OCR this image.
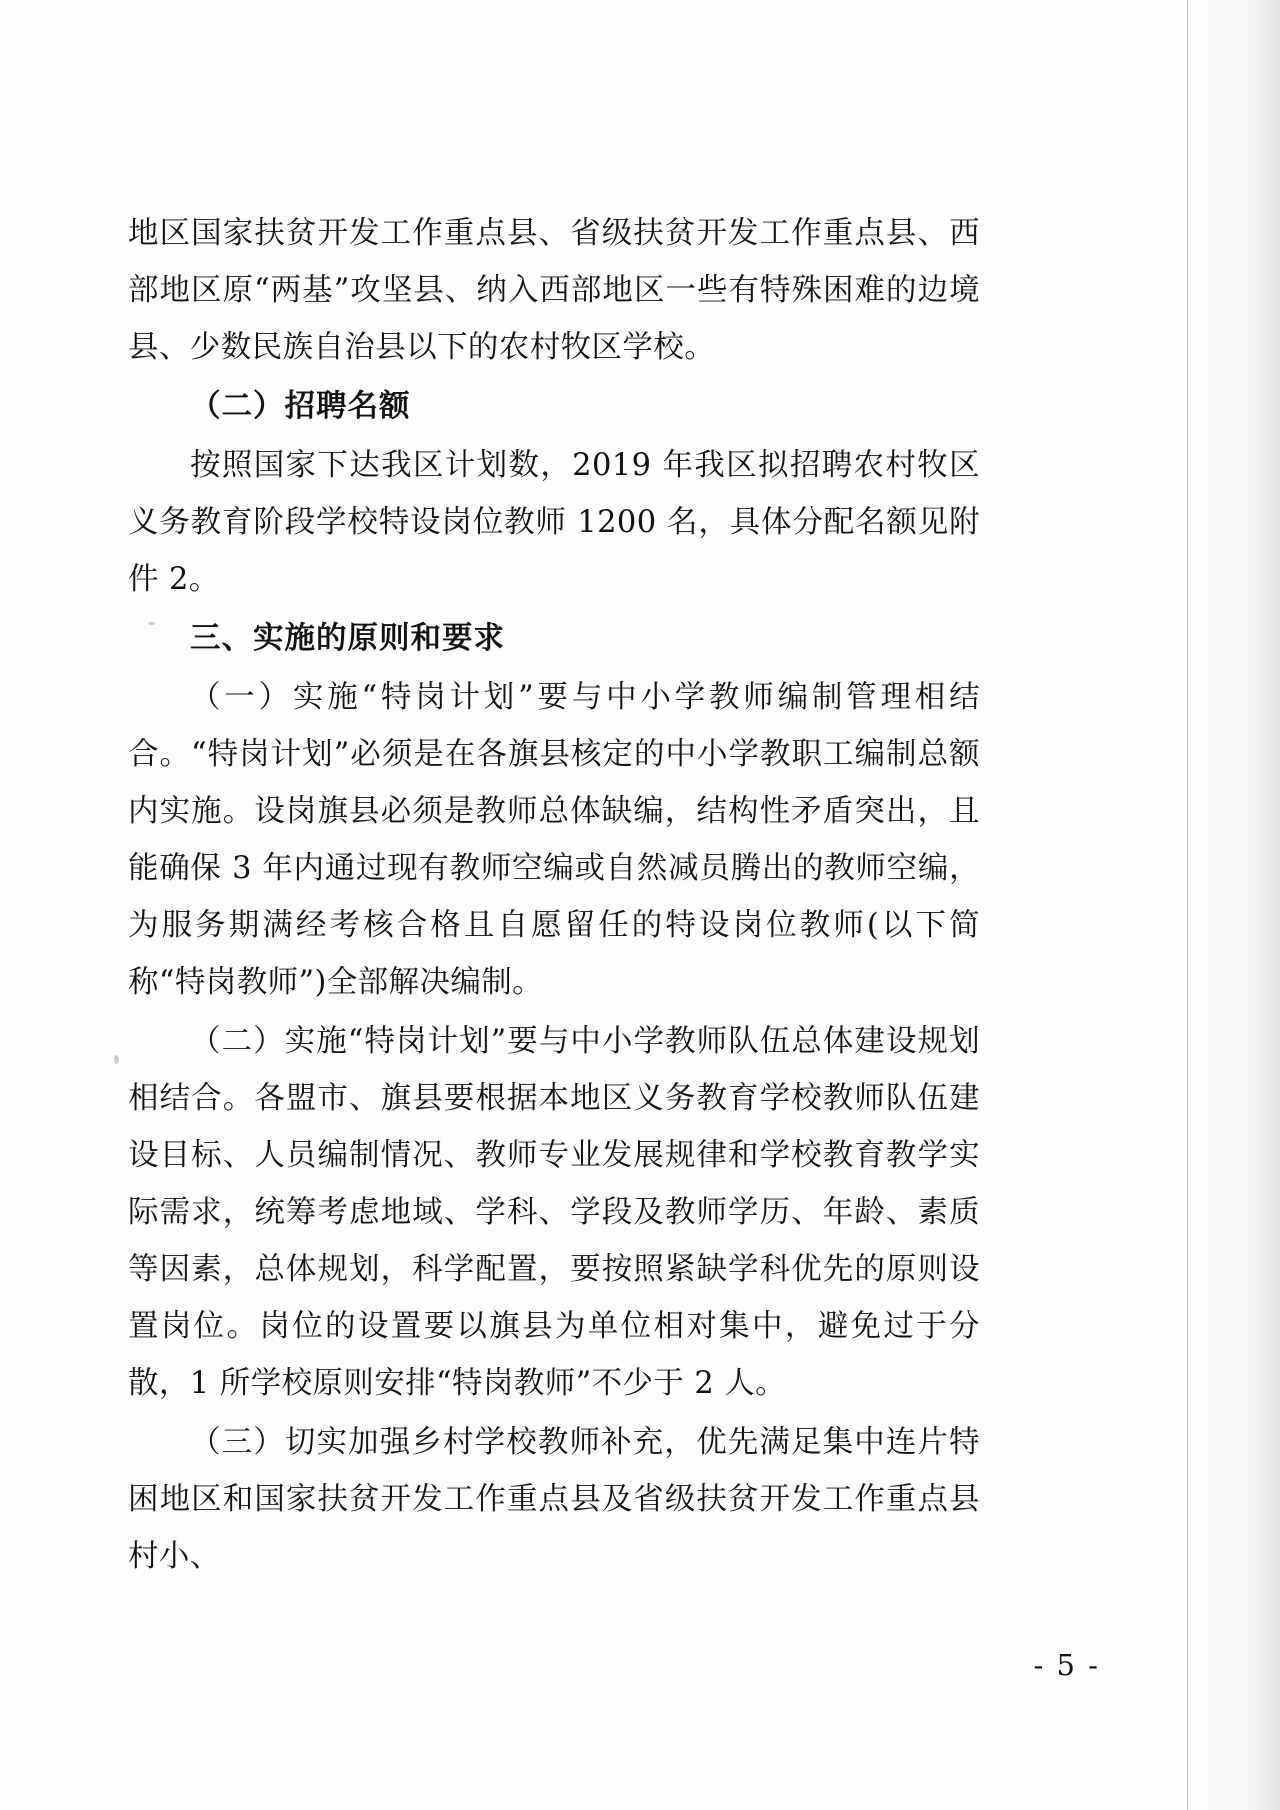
地区国家扶贫开发工作重点县、省级扶贫开发工作重点县、西部地区原“两基”攻坚县、纳入西部地区一些有特殊困难的边境县、少数民族自治县以下的农村牧区学校。

（二）招聘名额

按照国家下达我区计划数，2019 年我区拟招聘农村牧区义务教育阶段学校特设岗位教师 1200 名，具体分配名额见附件 2。

三、实施的原则和要求

（一）实施“特岗计划”要与中小学教师编制管理相结合。“特岗计划”必须是在各旗县核定的中小学教职工编制总额内实施。设岗旗县必须是教师总体缺编，结构性矛盾突出，且能确保 3 年内通过现有教师空编或自然减员腾出的教师空编，为服务期满经考核合格且自愿留任的特设岗位教师(以下简称“特岗教师”)全部解决编制。

（二）实施“特岗计划”要与中小学教师队伍总体建设规划相结合。各盟市、旗县要根据本地区义务教育学校教师队伍建设目标、人员编制情况、教师专业发展规律和学校教育教学实际需求，统筹考虑地域、学科、学段及教师学历、年龄、素质等因素，总体规划，科学配置，要按照紧缺学科优先的原则设置岗位。岗位的设置要以旗县为单位相对集中，避免过于分散，1 所学校原则安排“特岗教师”不少于 2 人。

（三）切实加强乡村学校教师补充，优先满足集中连片特困地区和国家扶贫开发工作重点县及省级扶贫开发工作重点县村小、

- 5 -
